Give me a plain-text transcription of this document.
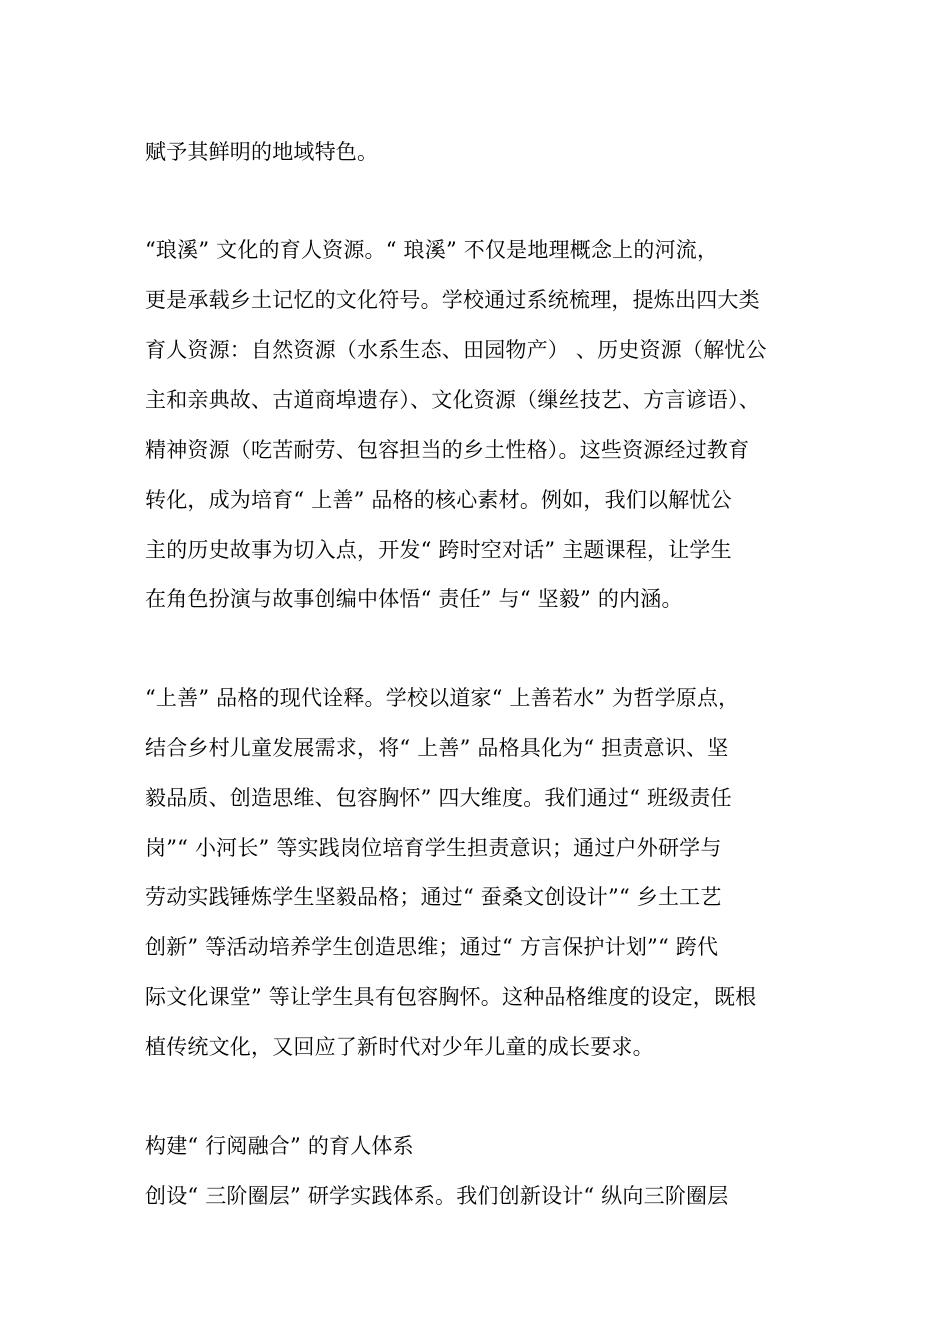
赋予其鲜明的地域特色。
“琅溪” 文化的育人资源。“ 琅溪” 不仅是地理概念上的河流，
更是承载乡土记忆的文化符号。学校通过系统梳理，提炼出四大类
育人资源：自然资源（水系生态、田园物产） 、历史资源（解忧公
主和亲典故、古道商埠遗存）、文化资源（缫丝技艺、方言谚语）、
精神资源（吃苦耐劳、包容担当的乡土性格）。这些资源经过教育
转化，成为培育“ 上善” 品格的核心素材。例如，我们以解忧公
主的历史故事为切入点，开发“ 跨时空对话” 主题课程，让学生
在角色扮演与故事创编中体悟“ 责任” 与“ 坚毅” 的内涵。
“上善” 品格的现代诠释。学校以道家“ 上善若水” 为哲学原点，
结合乡村儿童发展需求，将“ 上善” 品格具化为“ 担责意识、坚
毅品质、创造思维、包容胸怀” 四大维度。我们通过“ 班级责任
岗”“ 小河长” 等实践岗位培育学生担责意识；通过户外研学与
劳动实践锤炼学生坚毅品格；通过“ 蚕桑文创设计”“ 乡土工艺
创新” 等活动培养学生创造思维；通过“ 方言保护计划”“ 跨代
际文化课堂” 等让学生具有包容胸怀。这种品格维度的设定，既根
植传统文化，又回应了新时代对少年儿童的成长要求。
构建“ 行阅融合” 的育人体系
创设“ 三阶圈层” 研学实践体系。我们创新设计“ 纵向三阶圈层
